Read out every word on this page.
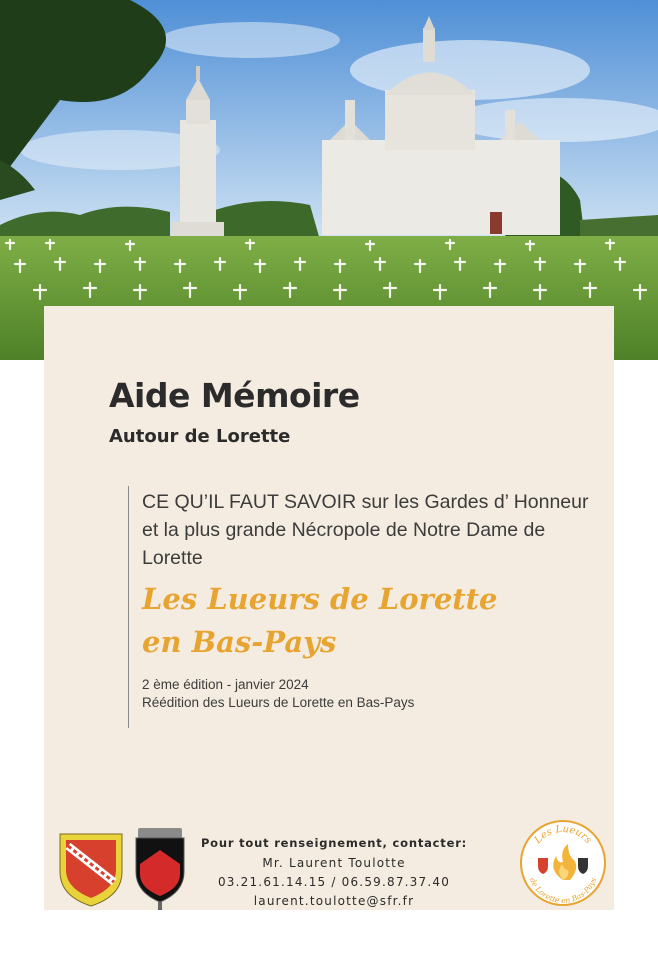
Aide Mémoire
Autour de Lorette

CE QU’IL FAUT SAVOIR sur les Gardes d’ Honneur et la plus grande Nécropole de Notre Dame de Lorette

Les Lueurs de Lorette
en Bas-Pays
2 ème édition - janvier 2024
Réédition des Lueurs de Lorette en Bas-Pays
Pour tout renseignement, contacter:
Mr. Laurent Toulotte
03.21.61.14.15 / 06.59.87.37.40
laurent.toulotte@sfr.fr
Les Lueurs
de Lorette en Bas-Pays
